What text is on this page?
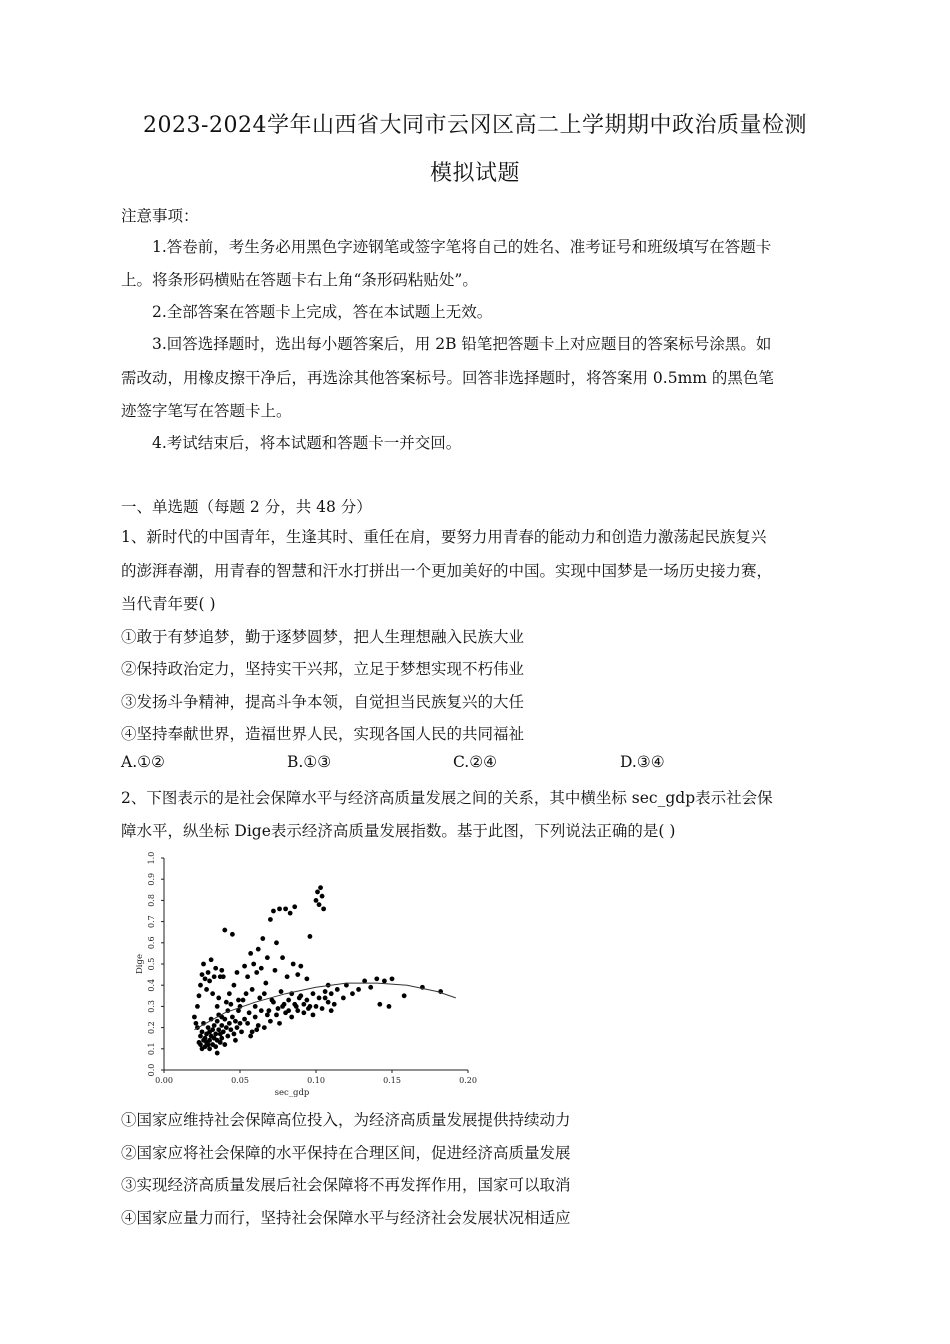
2023-2024学年山西省大同市云冈区高二上学期期中政治质量检测
模拟试题
注意事项：
1.答卷前，考生务必用黑色字迹钢笔或签字笔将自己的姓名、准考证号和班级填写在答题卡
上。将条形码横贴在答题卡右上角“条形码粘贴处”。
2.全部答案在答题卡上完成，答在本试题上无效。
3.回答选择题时，选出每小题答案后，用 2B 铅笔把答题卡上对应题目的答案标号涂黑。如
需改动，用橡皮擦干净后，再选涂其他答案标号。回答非选择题时，将答案用 0.5mm 的黑色笔
迹签字笔写在答题卡上。
4.考试结束后，将本试题和答题卡一并交回。
一、单选题（每题 2 分，共 48 分）
1、新时代的中国青年，生逢其时、重任在肩，要努力用青春的能动力和创造力激荡起民族复兴
的澎湃春潮，用青春的智慧和汗水打拼出一个更加美好的中国。实现中国梦是一场历史接力赛，
当代青年要( )
①敢于有梦追梦，勤于逐梦圆梦，把人生理想融入民族大业
②保持政治定力，坚持实干兴邦，立足于梦想实现不朽伟业
③发扬斗争精神，提高斗争本领，自觉担当民族复兴的大任
④坚持奉献世界，造福世界人民，实现各国人民的共同福祉
A.①②	B.①③	C.②④	D.③④
2、下图表示的是社会保障水平与经济高质量发展之间的关系，其中横坐标 sec_gdp表示社会保
障水平，纵坐标 Dige表示经济高质量发展指数。基于此图，下列说法正确的是( )
0.0
0.1
0.2
0.3
0.4
0.5
0.6
0.7
0.8
0.9
1.0
0.00	0.05	0.10	0.15	0.20
sec_gdp
Dige
①国家应维持社会保障高位投入，为经济高质量发展提供持续动力
②国家应将社会保障的水平保持在合理区间，促进经济高质量发展
③实现经济高质量发展后社会保障将不再发挥作用，国家可以取消
④国家应量力而行，坚持社会保障水平与经济社会发展状况相适应
